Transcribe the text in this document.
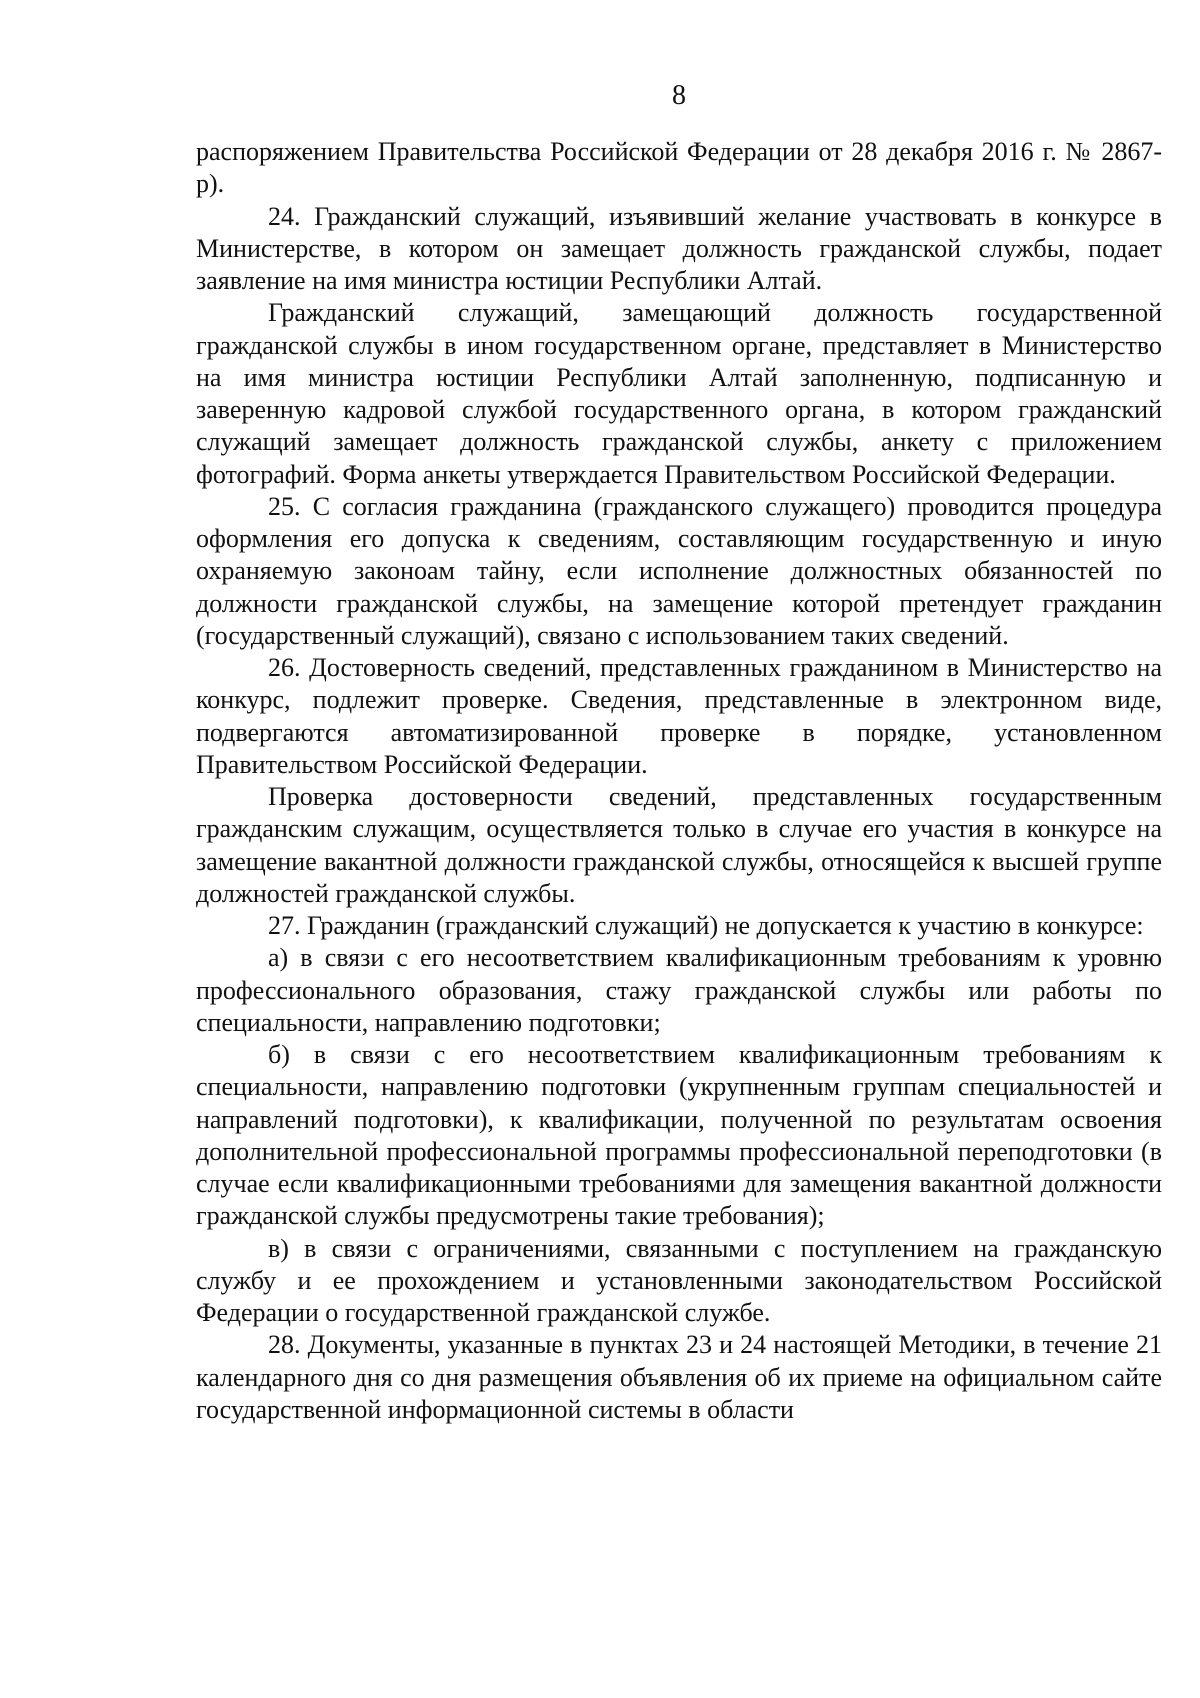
8

распоряжением Правительства Российской Федерации от 28 декабря 2016 г. № 2867-р).

24. Гражданский служащий, изъявивший желание участвовать в конкурсе в Министерстве, в котором он замещает должность гражданской службы, подает заявление на имя министра юстиции Республики Алтай.

Гражданский служащий, замещающий должность государственной гражданской службы в ином государственном органе, представляет в Министерство на имя министра юстиции Республики Алтай заполненную, подписанную и заверенную кадровой службой государственного органа, в котором гражданский служащий замещает должность гражданской службы, анкету с приложением фотографий. Форма анкеты утверждается Правительством Российской Федерации.

25. С согласия гражданина (гражданского служащего) проводится процедура оформления его допуска к сведениям, составляющим государственную и иную охраняемую законоам тайну, если исполнение должностных обязанностей по должности гражданской службы, на замещение которой претендует гражданин (государственный служащий), связано с использованием таких сведений.

26. Достоверность сведений, представленных гражданином в Министерство на конкурс, подлежит проверке. Сведения, представленные в электронном виде, подвергаются автоматизированной проверке в порядке, установленном Правительством Российской Федерации.

Проверка достоверности сведений, представленных государственным гражданским служащим, осуществляется только в случае его участия в конкурсе на замещение вакантной должности гражданской службы, относящейся к высшей группе должностей гражданской службы.

27. Гражданин (гражданский служащий) не допускается к участию в конкурсе:

а) в связи с его несоответствием квалификационным требованиям к уровню профессионального образования, стажу гражданской службы или работы по специальности, направлению подготовки;

б) в связи с его несоответствием квалификационным требованиям к специальности, направлению подготовки (укрупненным группам специальностей и направлений подготовки), к квалификации, полученной по результатам освоения дополнительной профессиональной программы профессиональной переподготовки (в случае если квалификационными требованиями для замещения вакантной должности гражданской службы предусмотрены такие требования);

в) в связи с ограничениями, связанными с поступлением на гражданскую службу и ее прохождением и установленными законодательством Российской Федерации о государственной гражданской службе.

28. Документы, указанные в пунктах 23 и 24 настоящей Методики, в течение 21 календарного дня со дня размещения объявления об их приеме на официальном сайте государственной информационной системы в области
